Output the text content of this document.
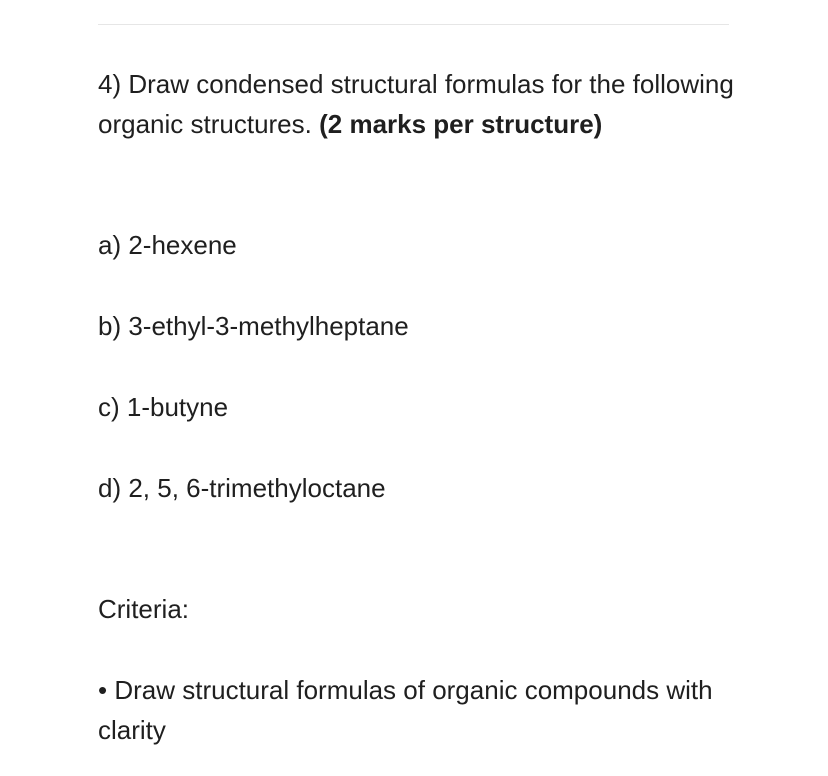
4) Draw condensed structural formulas for the following organic structures. (2 marks per structure)

a) 2-hexene

b) 3-ethyl-3-methylheptane

c) 1-butyne

d) 2, 5, 6-trimethyloctane

Criteria:

• Draw structural formulas of organic compounds with clarity
